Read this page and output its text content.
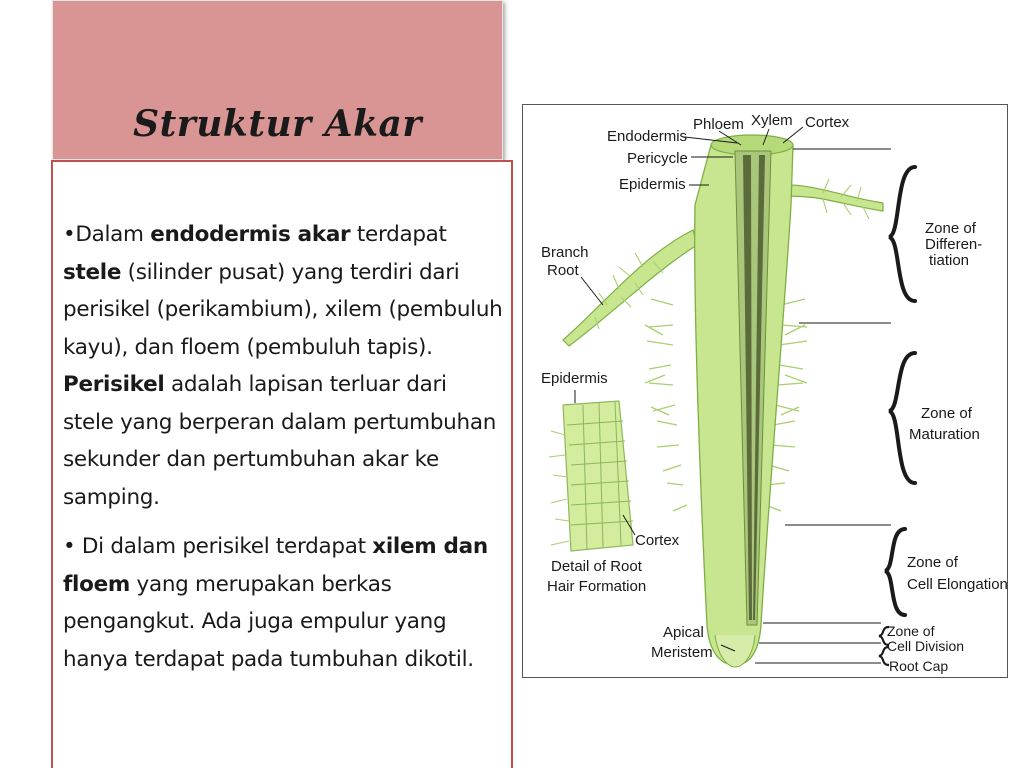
Struktur Akar

•Dalam endodermis akar terdapat stele (silinder pusat) yang terdiri dari perisikel (perikambium), xilem (pembuluh kayu), dan floem (pembuluh tapis). Perisikel adalah lapisan terluar dari stele yang berperan dalam pertumbuhan sekunder dan pertumbuhan akar ke samping.

• Di dalam perisikel terdapat xilem dan floem yang merupakan berkas pengangkut. Ada juga empulur yang hanya terdapat pada tumbuhan dikotil.

Phloem Xylem Cortex
Endodermis
Pericycle
Epidermis
Branch
Root
Epidermis
Cortex
Detail of Root
Hair Formation
Apical
Meristem
Zone of
Differen-
tiation
Zone of
Maturation
Zone of
Cell Elongation
Zone of
Cell Division
Root Cap
